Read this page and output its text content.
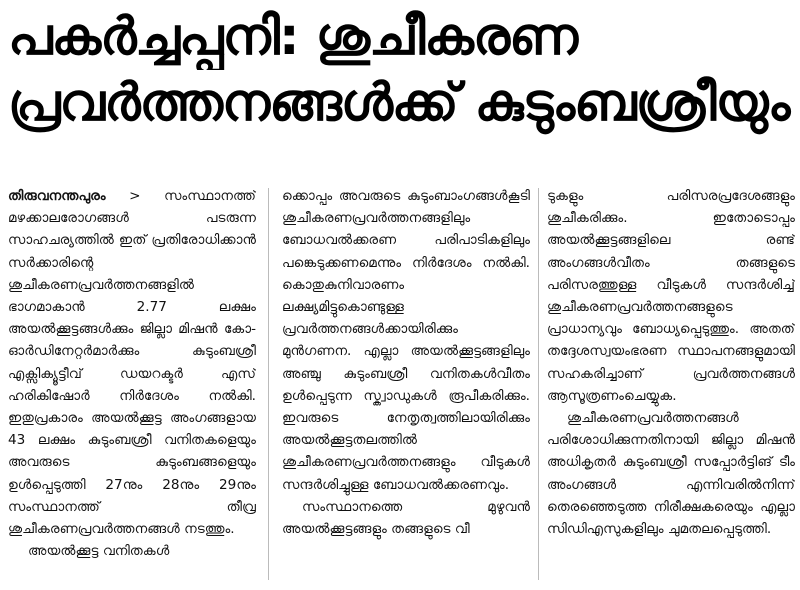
പകർച്ചപ്പനി: ശുചീകരണ
പ്രവർത്തനങ്ങൾക്ക് കുടുംബശ്രീയും

തിരുവനന്തപുരം > സംസ്ഥാനത്ത് മഴക്കാലരോഗങ്ങൾ പടരുന്ന സാഹചര്യത്തിൽ ഇത് പ്രതിരോധിക്കാൻ സർക്കാരിന്റെ ശുചീകരണപ്രവർത്തനങ്ങളിൽ ഭാഗമാകാൻ 2.77 ലക്ഷം അയൽക്കൂട്ടങ്ങൾക്കും ജില്ലാ മിഷൻ കോ-ഓർഡിനേറ്റർമാർക്കും കുടുംബശ്രീ എക്സിക്യൂട്ടീവ് ഡയറക്ടർ എസ് ഹരികിഷോർ നിർദേശം നൽകി. ഇതുപ്രകാരം അയൽക്കൂട്ട അംഗങ്ങളായ 43 ലക്ഷം കുടുംബശ്രീ വനിതകളെയും അവരുടെ കുടുംബങ്ങളെയും ഉൾപ്പെടുത്തി 27നും 28നും 29നും സംസ്ഥാനത്ത് തീവ്ര ശുചീകരണപ്രവർത്തനങ്ങൾ നടത്തും.

അയൽക്കൂട്ട വനിതകൾ

ക്കൊപ്പം അവരുടെ കുടുംബാംഗങ്ങൾകൂടി ശുചീകരണപ്രവർത്തനങ്ങളിലും ബോധവൽക്കരണ പരിപാടികളിലും പങ്കെടുക്കണമെന്നും നിർദേശം നൽകി. കൊതുകുനിവാരണം ലക്ഷ്യമിട്ടുകൊണ്ടുള്ള പ്രവർത്തനങ്ങൾക്കായിരിക്കും മുൻഗണന. എല്ലാ അയൽക്കൂട്ടങ്ങളിലും അഞ്ചു കുടുംബശ്രീ വനിതകൾവീതം ഉൾപ്പെടുന്ന സ്ക്വാഡുകൾ രൂപീകരിക്കും. ഇവരുടെ നേതൃത്വത്തിലായിരിക്കും അയൽക്കൂട്ടതലത്തിൽ ശുചീകരണപ്രവർത്തനങ്ങളും വീടുകൾ സന്ദർശിച്ചുള്ള ബോധവൽക്കരണവും.

സംസ്ഥാനത്തെ മുഴുവൻ അയൽക്കൂട്ടങ്ങളും തങ്ങളുടെ വീ

ടുകളും പരിസരപ്രദേശങ്ങളും ശുചീകരിക്കും. ഇതോടൊപ്പം അയൽക്കൂട്ടങ്ങളിലെ രണ്ട് അംഗങ്ങൾവീതം തങ്ങളുടെ പരിസരത്തുള്ള വീടുകൾ സന്ദർശിച്ച് ശുചീകരണപ്രവർത്തനങ്ങളുടെ പ്രാധാന്യവും ബോധ്യപ്പെടുത്തും. അതത് തദ്ദേശസ്വയംഭരണ സ്ഥാപനങ്ങളുമായി സഹകരിച്ചാണ് പ്രവർത്തനങ്ങൾ ആസൂത്രണംചെയ്യുക.

ശുചീകരണപ്രവർത്തനങ്ങൾ പരിശോധിക്കുന്നതിനായി ജില്ലാ മിഷൻ അധികൃതർ കുടുംബശ്രീ സപ്പോർട്ടിങ് ടീം അംഗങ്ങൾ എന്നിവരിൽനിന്ന് തെരഞ്ഞെടുത്ത നിരീക്ഷകരെയും എല്ലാ സിഡിഎസുകളിലും ചുമതലപ്പെടുത്തി.
